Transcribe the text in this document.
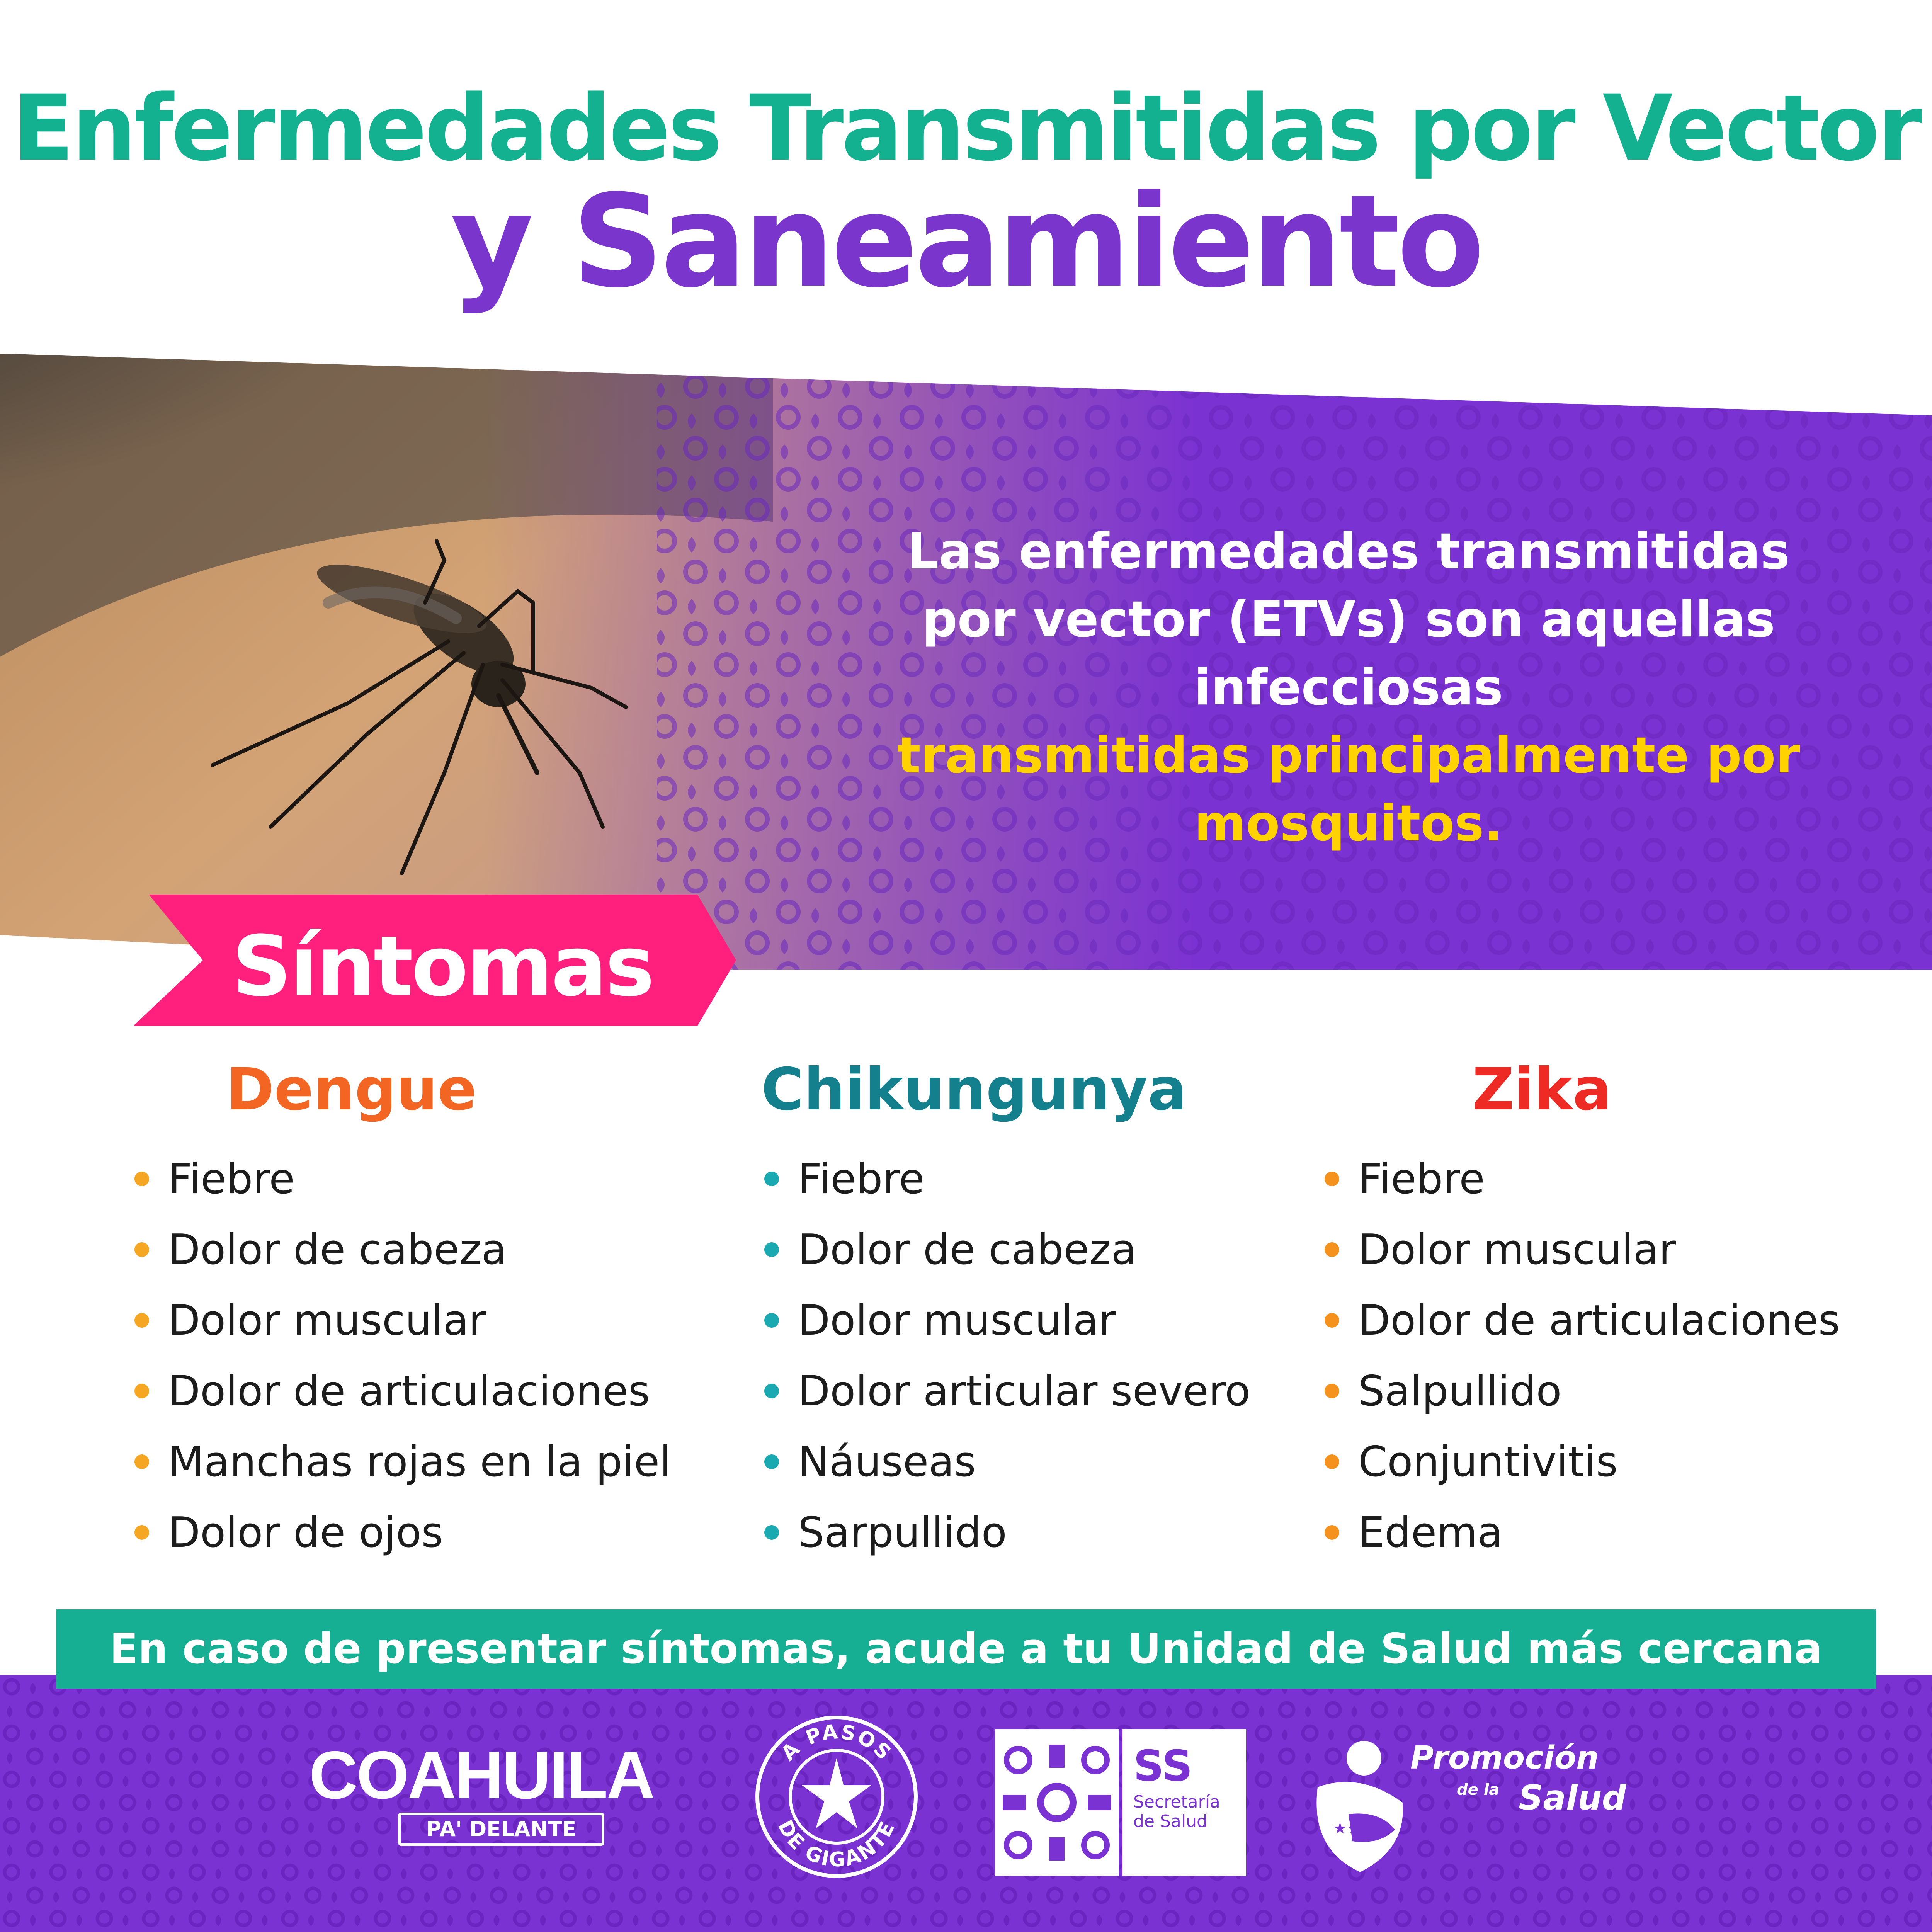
Enfermedades Transmitidas por Vector
y Saneamiento
Las enfermedades transmitidas por vector (ETVs) son aquellas infecciosas
transmitidas principalmente por mosquitos.
Síntomas
Dengue
Fiebre
Dolor de cabeza
Dolor muscular
Dolor de articulaciones
Manchas rojas en la piel
Dolor de ojos
Chikungunya
Fiebre
Dolor de cabeza
Dolor muscular
Dolor articular severo
Náuseas
Sarpullido
Zika
Fiebre
Dolor muscular
Dolor de articulaciones
Salpullido
Conjuntivitis
Edema
COAHUILA
PA' DELANTE
A PASOS
DE GIGANTE
SS
Secretaría
de Salud	★★★
Promoción
de la Salud
En caso de presentar síntomas, acude a tu Unidad de Salud más cercana
